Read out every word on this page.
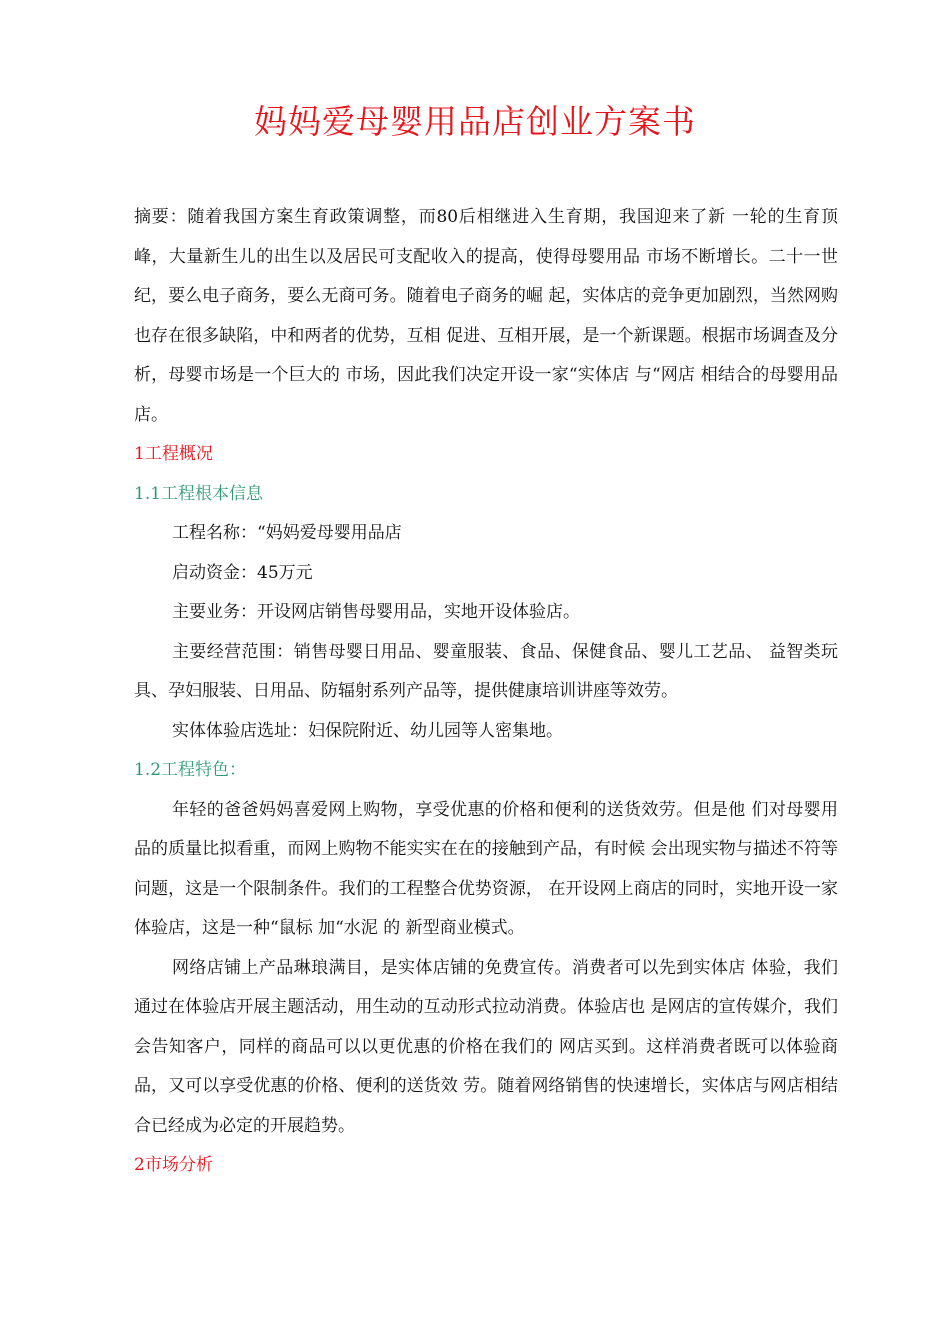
妈妈爱母婴用品店创业方案书

摘要：随着我国方案生育政策调整，而80后相继进入生育期，我国迎来了新 一轮的生育顶峰，大量新生儿的出生以及居民可支配收入的提高，使得母婴用品 市场不断增长。二十一世纪，要么电子商务，要么无商可务。随着电子商务的崛 起，实体店的竞争更加剧烈，当然网购也存在很多缺陷，中和两者的优势，互相 促进、互相开展，是一个新课题。根据市场调查及分析，母婴市场是一个巨大的 市场，因此我们决定开设一家“实体店 与“网店 相结合的母婴用品店。

1工程概况

1.1工程根本信息

工程名称：“妈妈爱母婴用品店

启动资金：45万元

主要业务：开设网店销售母婴用品，实地开设体验店。

主要经营范围：销售母婴日用品、婴童服装、食品、保健食品、婴儿工艺品、 益智类玩具、孕妇服装、日用品、防辐射系列产品等，提供健康培训讲座等效劳。

实体体验店选址：妇保院附近、幼儿园等人密集地。

1.2工程特色：

年轻的爸爸妈妈喜爱网上购物，享受优惠的价格和便利的送货效劳。但是他 们对母婴用品的质量比拟看重，而网上购物不能实实在在的接触到产品，有时候 会出现实物与描述不符等问题，这是一个限制条件。我们的工程整合优势资源， 在开设网上商店的同时，实地开设一家体验店，这是一种“鼠标 加“水泥 的 新型商业模式。

网络店铺上产品琳琅满目，是实体店铺的免费宣传。消费者可以先到实体店 体验，我们通过在体验店开展主题活动，用生动的互动形式拉动消费。体验店也 是网店的宣传媒介，我们会告知客户，同样的商品可以以更优惠的价格在我们的 网店买到。这样消费者既可以体验商品，又可以享受优惠的价格、便利的送货效 劳。随着网络销售的快速增长，实体店与网店相结合已经成为必定的开展趋势。

2市场分析
